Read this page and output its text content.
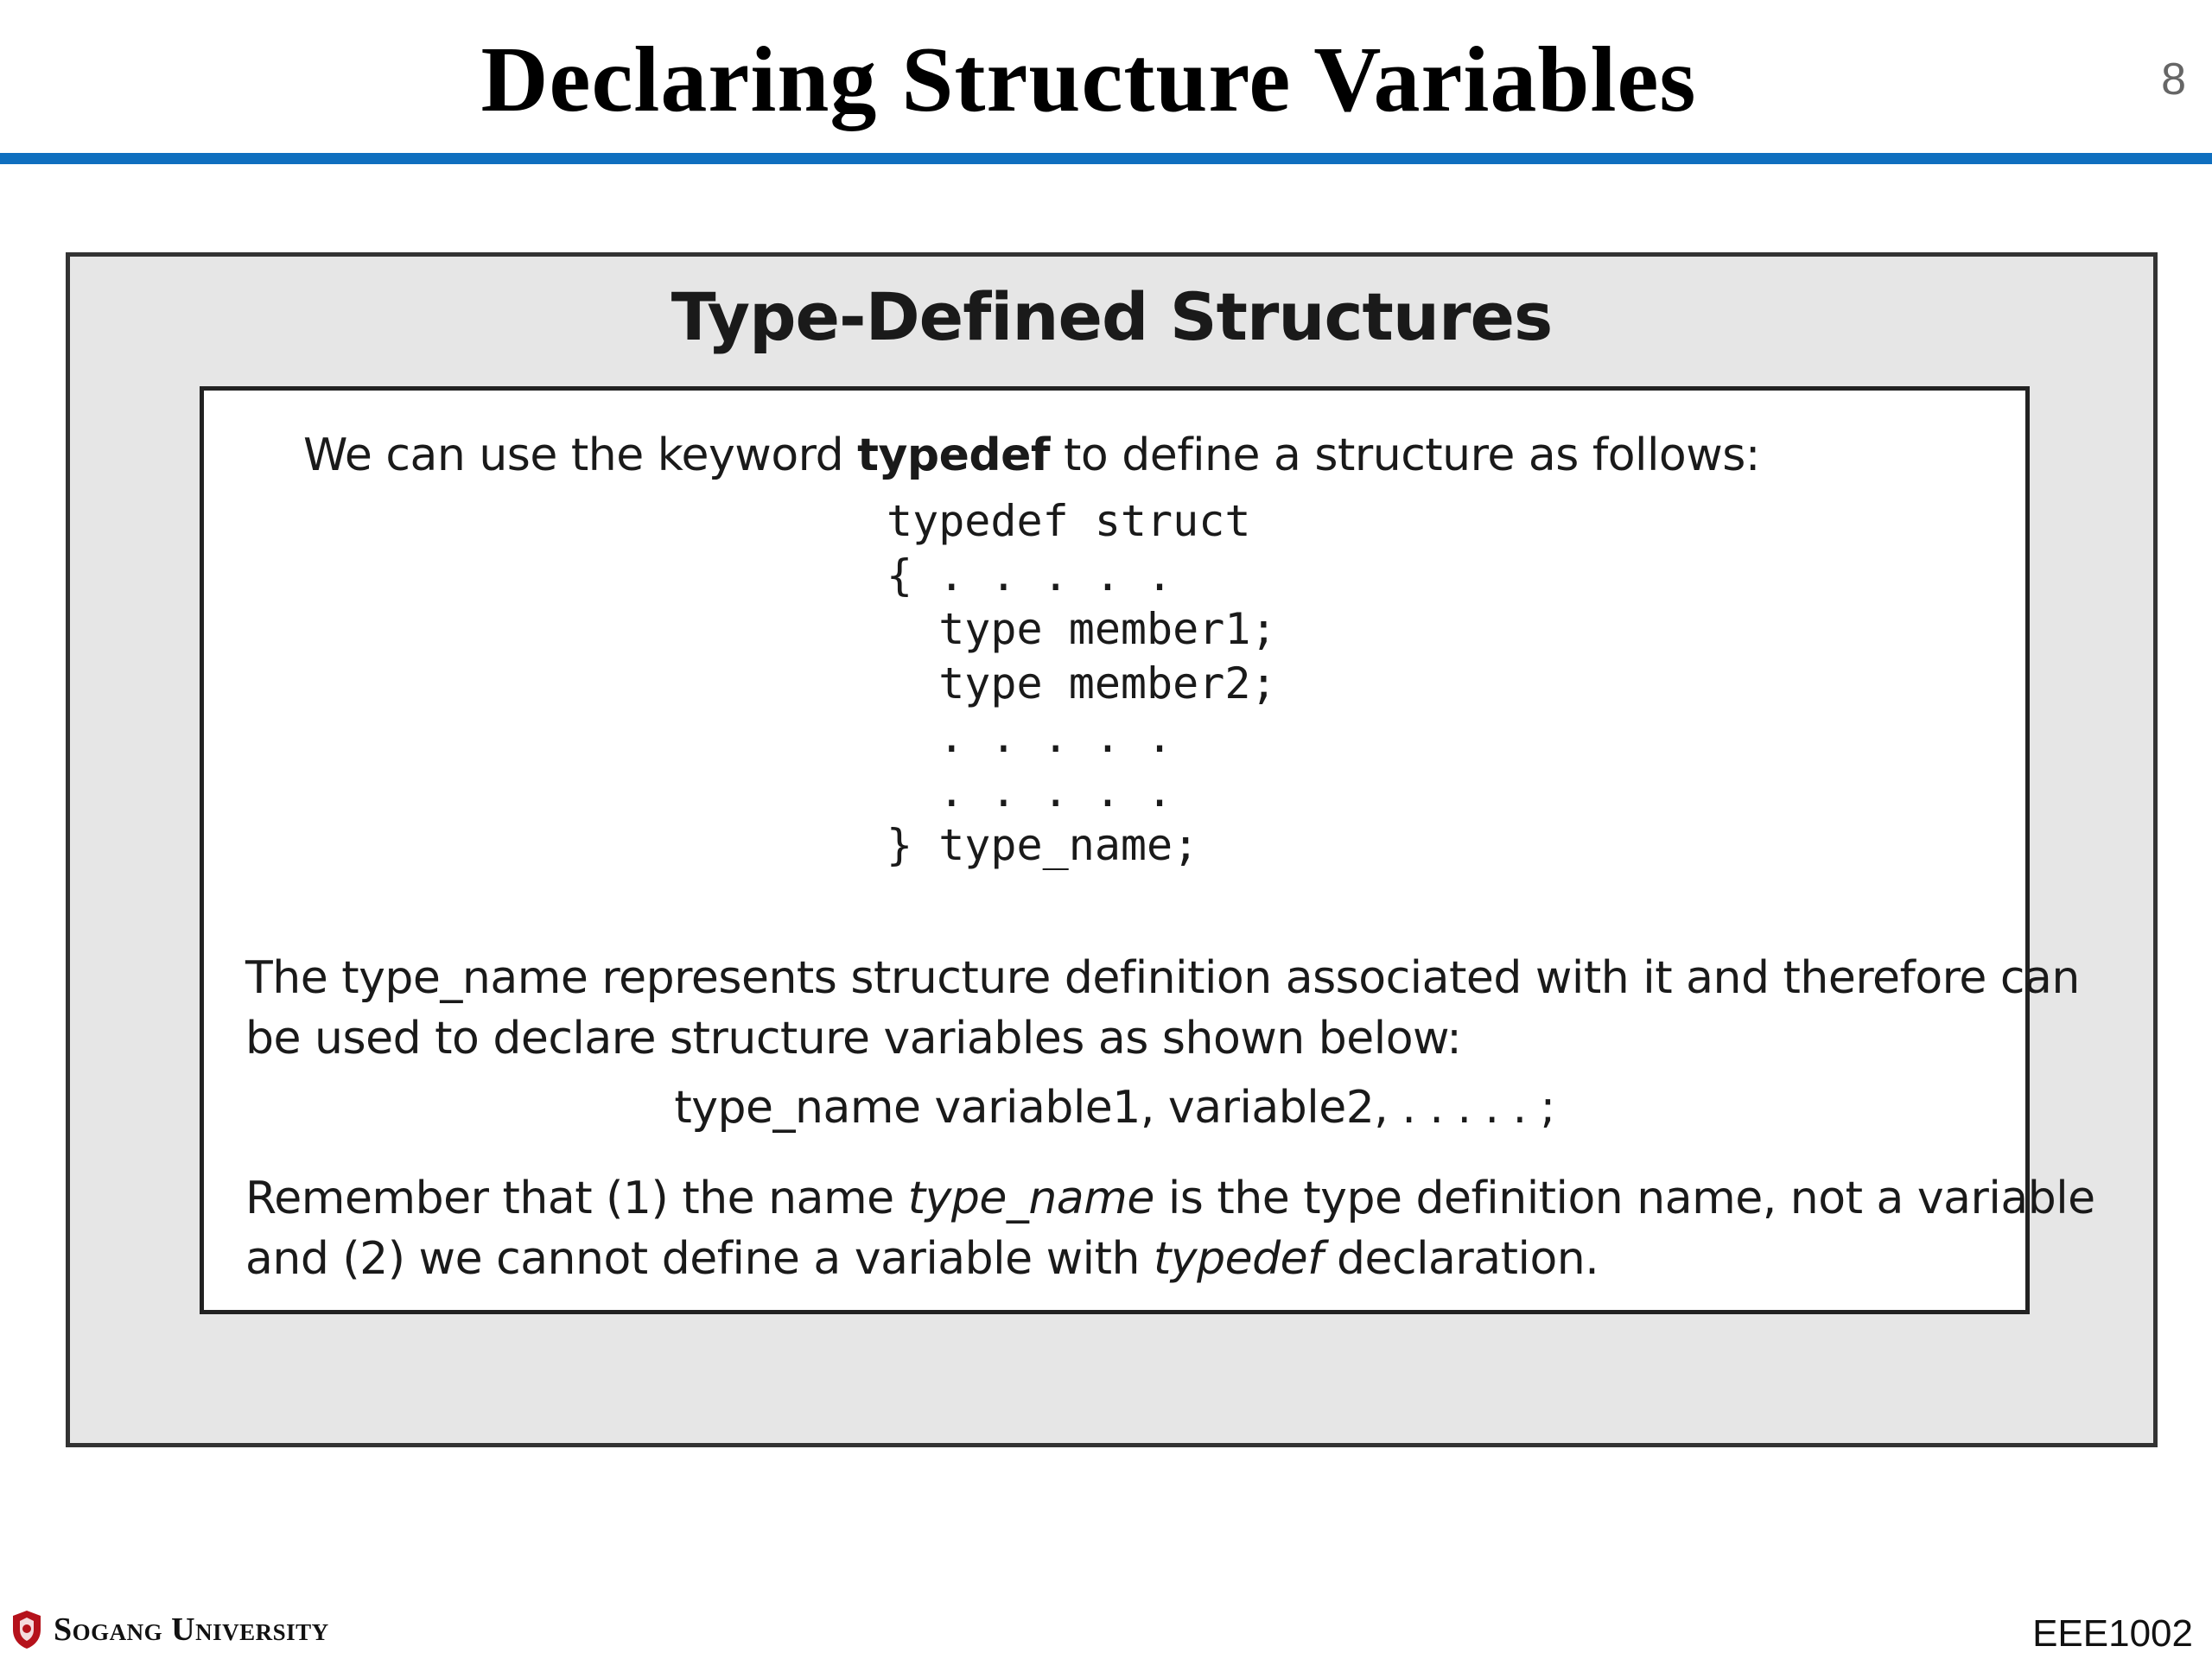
Declaring Structure Variables	8
Type-Defined Structures
We can use the keyword typedef to define a structure as follows:
typedef struct
{ . . . . .
type member1;
type member2;
. . . . .
. . . . .
} type_name;
The type_name represents structure definition associated with it and therefore can
be used to declare structure variables as shown below:
type_name variable1, variable2, . . . . . ;
Remember that (1) the name type_name is the type definition name, not a variable
and (2) we cannot define a variable with typedef declaration.
Sogang University	EEE1002
